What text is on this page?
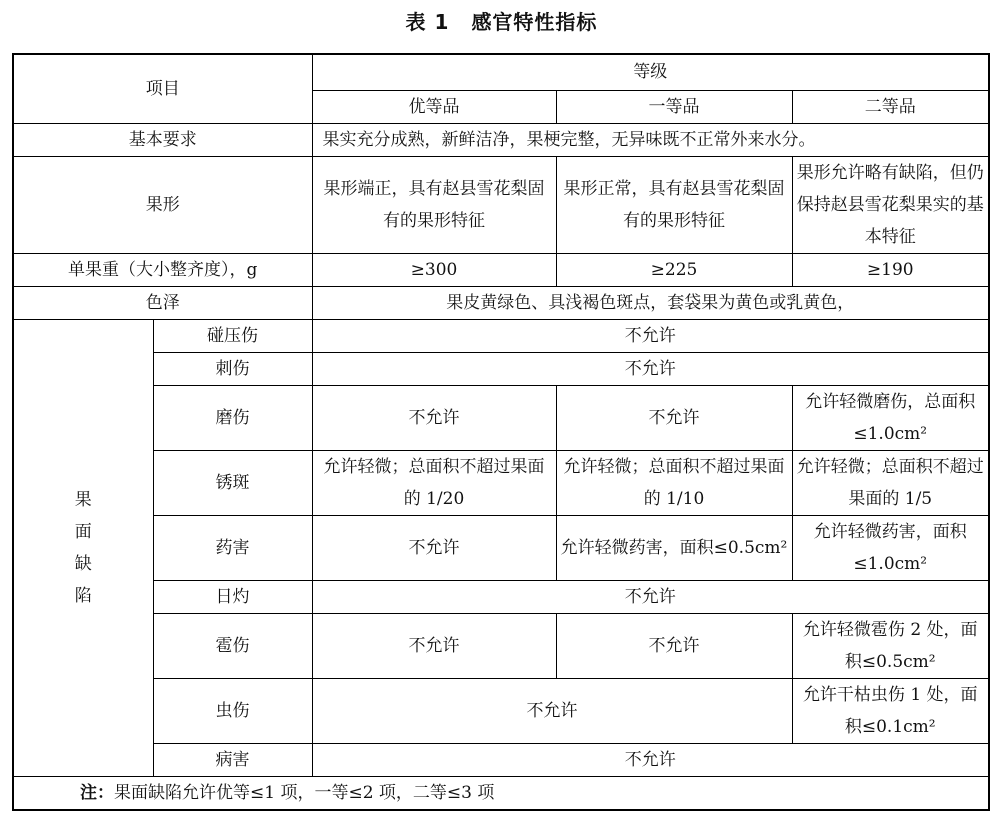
表 1 感官特性指标
项目		等级		
		优等品	一等品	二等品
基本要求		果实充分成熟，新鲜洁净，果梗完整，无异味既不正常外来水分。		
果形		果形端正，具有赵县雪花梨固有的果形特征	果形正常，具有赵县雪花梨固有的果形特征	果形允许略有缺陷，但仍保持赵县雪花梨果实的基本特征
单果重（大小整齐度），g		≥300	≥225	≥190
色泽		果皮黄绿色、具浅褐色斑点，套袋果为黄色或乳黄色，		

果
面
缺
陷	碰压伤	不允许		
	刺伤	不允许		
	磨伤	不允许	不允许	允许轻微磨伤，总面积≤1.0cm²
	锈斑	允许轻微；总面积不超过果面的 1/20	允许轻微；总面积不超过果面的 1/10	允许轻微；总面积不超过果面的 1/5
	药害	不允许	允许轻微药害，面积≤0.5cm²	允许轻微药害，面积≤1.0cm²
	日灼	不允许		
	雹伤	不允许	不允许	允许轻微雹伤 2 处，面积≤0.5cm²
	虫伤	不允许		允许干枯虫伤 1 处，面积≤0.1cm²
	病害	不允许		
注：果面缺陷允许优等≤1 项，一等≤2 项，二等≤3 项				
